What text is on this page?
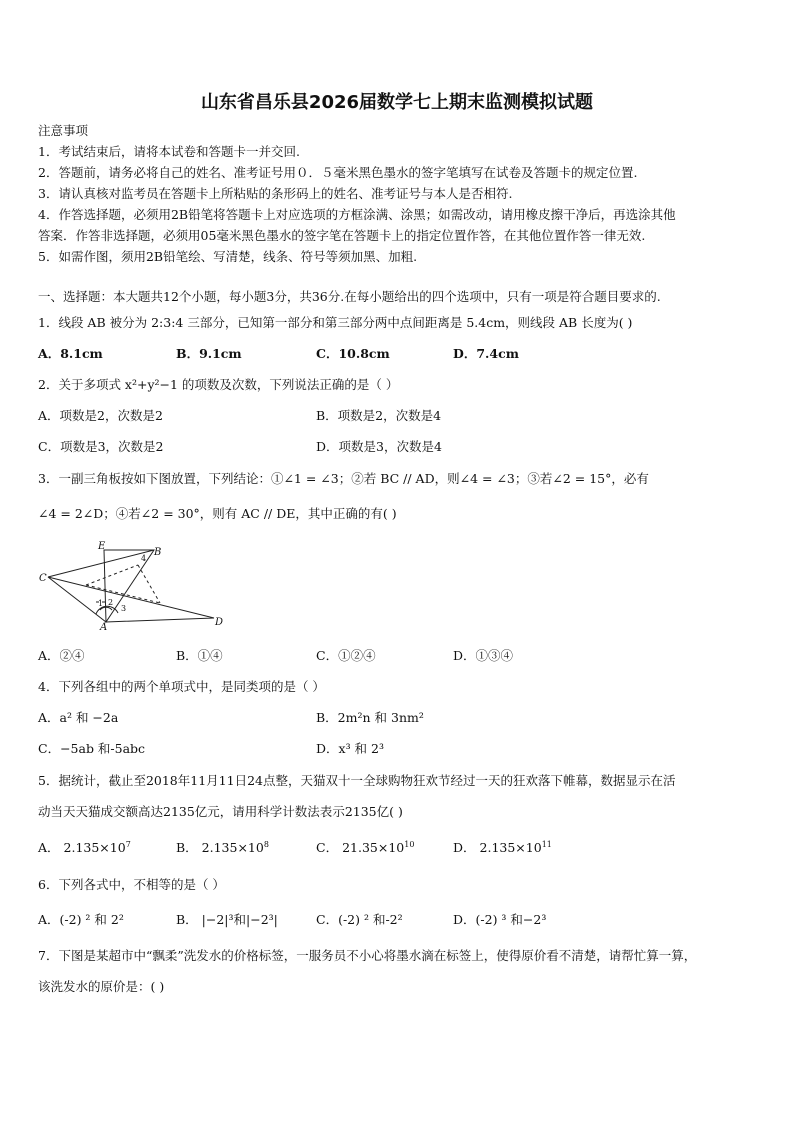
山东省昌乐县2026届数学七上期末监测模拟试题
注意事项
1．考试结束后，请将本试卷和答题卡一并交回.
2．答题前，请务必将自己的姓名、准考证号用０．５毫米黑色墨水的签字笔填写在试卷及答题卡的规定位置.
3．请认真核对监考员在答题卡上所粘贴的条形码上的姓名、准考证号与本人是否相符.
4．作答选择题，必须用2B铅笔将答题卡上对应选项的方框涂满、涂黑；如需改动，请用橡皮擦干净后，再选涂其他
答案．作答非选择题，必须用05毫米黑色墨水的签字笔在答题卡上的指定位置作答，在其他位置作答一律无效.
5．如需作图，须用2B铅笔绘、写清楚，线条、符号等须加黑、加粗.
一、选择题：本大题共12个小题，每小题3分，共36分.在每小题给出的四个选项中，只有一项是符合题目要求的.
1．线段 AB 被分为 2:3:4 三部分，已知第一部分和第三部分两中点间距离是 5.4cm，则线段 AB 长度为( )
A．8.1cm	B．9.1cm	C．10.8cm	D．7.4cm
2．关于多项式 x²+y²−1 的项数及次数，下列说法正确的是（ ）
A．项数是2，次数是2	B．项数是2，次数是4
C．项数是3，次数是2	D．项数是3，次数是4
3．一副三角板按如下图放置，下列结论：①∠1 = ∠3；②若 BC // AD，则∠4 = ∠3；③若∠2 = 15°，必有
∠4 = 2∠D；④若∠2 = 30°，则有 AC // DE，其中正确的有( )
E
B
C
D
A
1 2
3
4
A．②④	B．①④	C．①②④	D．①③④
4．下列各组中的两个单项式中，是同类项的是（ ）
A．a² 和 −2a	B．2m²n 和 3nm²
C．−5ab 和-5abc	D．x³ 和 2³
5．据统计，截止至2018年11月11日24点整，天猫双十一全球购物狂欢节经过一天的狂欢落下帷幕，数据显示在活
动当天天猫成交额高达2135亿元，请用科学计数法表示2135亿( )
A． $2.135\times 10^7$	B． $2.135\times 10^8$	C． $21.35\times 10^{10}$	D． $2.135\times 10^{11}$
6．下列各式中，不相等的是（ ）
A．(-2) ² 和 2²	B． |−2|³和|−2³|	C．(-2) ² 和-2²	D．(-2) ³ 和−2³
7．下图是某超市中“飘柔”洗发水的价格标签，一服务员不小心将墨水滴在标签上，使得原价看不清楚，请帮忙算一算，
该洗发水的原价是：( )
